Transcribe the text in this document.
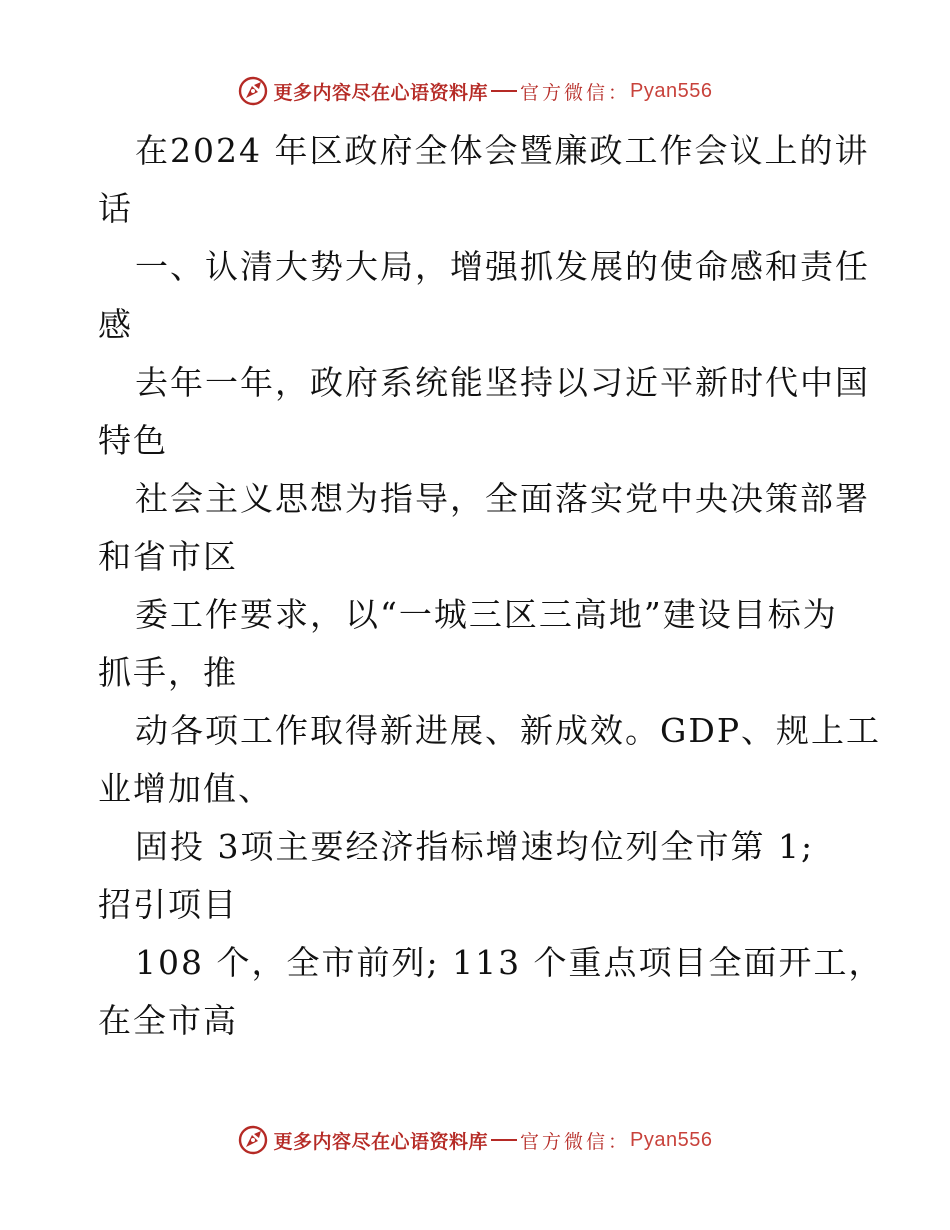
更多内容尽在心语资料库 官方微信： Pyan556
在2024 年区政府全体会暨廉政工作会议上的讲
话
一、认清大势大局，增强抓发展的使命感和责任
感
去年一年，政府系统能坚持以习近平新时代中国
特色
社会主义思想为指导，全面落实党中央决策部署
和省市区
委工作要求，以“一城三区三高地”建设目标为
抓手，推
动各项工作取得新进展、新成效。GDP、规上工
业增加值、
固投 3项主要经济指标增速均位列全市第 1;
招引项目
108 个，全市前列; 113 个重点项目全面开工，
在全市高
更多内容尽在心语资料库 官方微信： Pyan556
